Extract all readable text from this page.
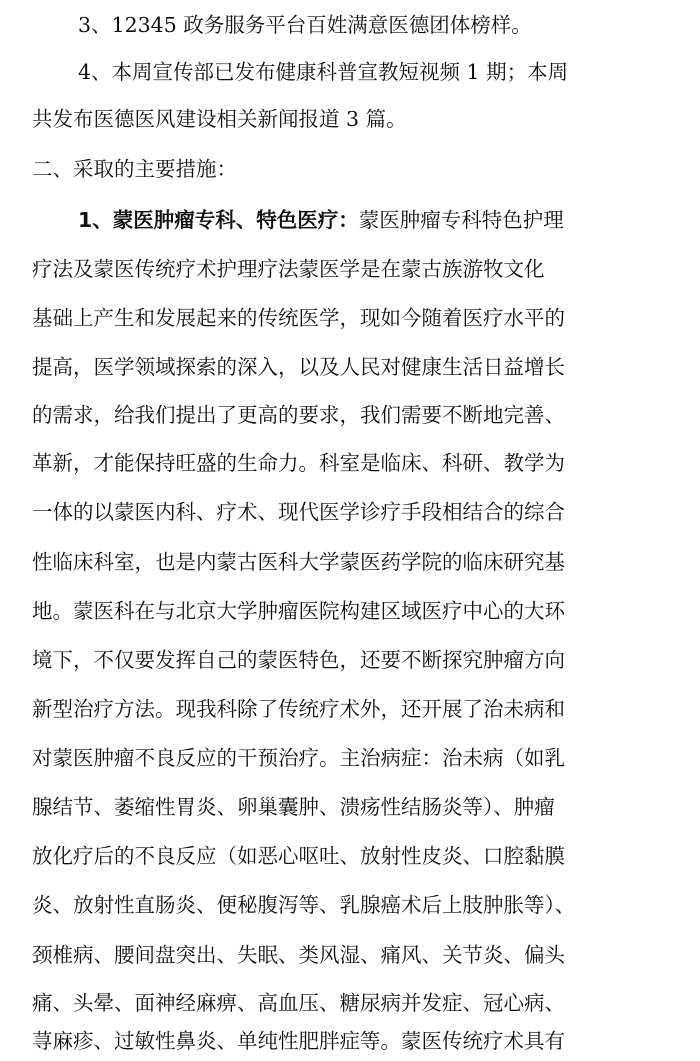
3、12345 政务服务平台百姓满意医德团体榜样。
4、本周宣传部已发布健康科普宣教短视频 1 期；本周
共发布医德医风建设相关新闻报道 3 篇。
二、采取的主要措施：
1、蒙医肿瘤专科、特色医疗：蒙医肿瘤专科特色护理
疗法及蒙医传统疗术护理疗法蒙医学是在蒙古族游牧文化
基础上产生和发展起来的传统医学，现如今随着医疗水平的
提高，医学领域探索的深入，以及人民对健康生活日益增长
的需求，给我们提出了更高的要求，我们需要不断地完善、
革新，才能保持旺盛的生命力。科室是临床、科研、教学为
一体的以蒙医内科、疗术、现代医学诊疗手段相结合的综合
性临床科室，也是内蒙古医科大学蒙医药学院的临床研究基
地。蒙医科在与北京大学肿瘤医院构建区域医疗中心的大环
境下，不仅要发挥自己的蒙医特色，还要不断探究肿瘤方向
新型治疗方法。现我科除了传统疗术外，还开展了治未病和
对蒙医肿瘤不良反应的干预治疗。主治病症：治未病（如乳
腺结节、萎缩性胃炎、卵巢囊肿、溃疡性结肠炎等）、肿瘤
放化疗后的不良反应（如恶心呕吐、放射性皮炎、口腔黏膜
炎、放射性直肠炎、便秘腹泻等、乳腺癌术后上肢肿胀等）、
颈椎病、腰间盘突出、失眠、类风湿、痛风、关节炎、偏头
痛、头晕、面神经麻痹、高血压、糖尿病并发症、冠心病、
荨麻疹、过敏性鼻炎、单纯性肥胖症等。蒙医传统疗术具有
